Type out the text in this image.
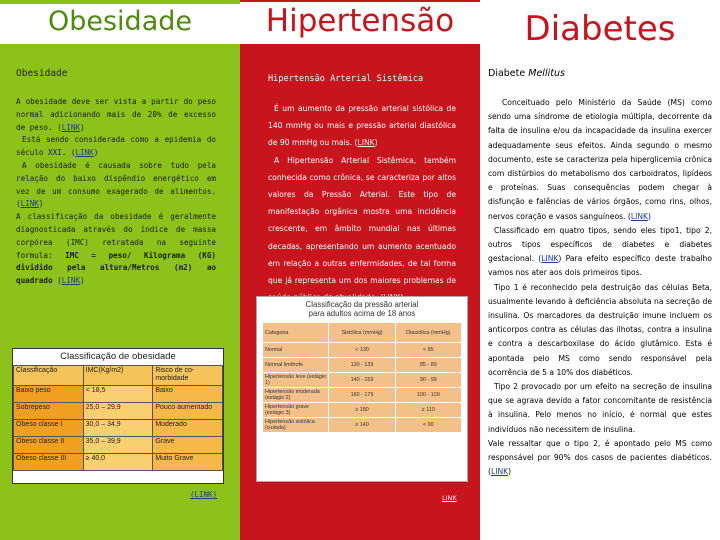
Obesidade	Hipertensão	Diabetes
Obesidade

A obesidade deve ser vista a partir do peso normal adicionando mais de 20% de excesso de peso. (LINK)

Está sendo considerada como a epidemia do século XXI. (LINK)

A obesidade é causada sobre tudo pela relação do baixo dispêndio energético em vez de um consumo exagerado de alimentos. (LINK)

A classificação da obesidade é geralmente diagnosticada através do índice de massa corpórea (IMC) retratada na seguinte formula: IMC = peso/ Kilograma (KG) dividido pela altura/Metros (m2) ao quadrado (LINK)

Classificação de obesidade
Classificação	IMC(Kg/m2)	Risco de co-morbidade
Baixo peso	< 18,5	Baixo
Sobrepeso	25,0 – 29,9	Pouco aumentado
Obeso classe I	30,0 – 34,9	Moderado
Obeso classe II	35,0 – 39,9	Grave
Obeso classe III	≥ 40,0	Muito Grave
(LINK)
Hipertensão Arterial Sistêmica

É um aumento da pressão arterial sistólica de 140 mmHg ou mais e pressão arterial diastólica de 90 mmHg ou mais. (LINK)

A Hipertensão Arterial Sistêmica, também conhecida como crônica, se caracteriza por altos valores da Pressão Arterial. Este tipo de manifestação orgânica mostra uma incidência crescente, em âmbito mundial nas últimas decadas, apresentando um aumento acentuado em relação a outras enfermidades, de tal forma que já representa um dos maiores problemas de

Classificação da pressão arterial
para adultos acima de 18 anos
Categoria	Sistólica (mmHg)	Diastólica (mmHg)
Normal	< 130	< 85
Normal limítrofe	130 - 139	85 - 89
Hipertensão leve (estágio 1)	140 - 159	90 - 99
Hipertensão moderada (estágio 2)	160 - 179	100 - 109
Hipertensão grave (estágio 3)	≥ 180	≥ 110
Hipertensão sistólica (isolada)	≥ 140	< 90
LINK
Diabete Mellitus

Conceituado pelo Ministério da Saúde (MS) como sendo uma síndrome de etiologia múltipla, decorrente da falta de insulina e/ou da incapacidade da insulina exercer adequadamente seus efeitos. Ainda segundo o mesmo documento, este se caracteriza pela hiperglicemia crônica com distúrbios do metabolismo dos carboidratos, lipídeos e proteínas. Suas consequências podem chegar à disfunção e falências de vários órgãos, como rins, olhos, nervos coração e vasos sanguíneos. (LINK)

Classificado em quatro tipos, sendo eles tipo1, tipo 2, outros tipos específicos de diabetes e diabetes gestacional. (LINK) Para efeito específico deste trabalho vamos nos ater aos dois primeiros tipos.

Tipo 1 é reconhecido pela destruição das células Beta, usualmente levando à deficiência absoluta na secreção de insulina. Os marcadores da destruição imune incluem os anticorpos contra as células das ilhotas, contra a insulina e contra a descarboxilase do ácido glutâmico. Esta é apontada pelo MS como sendo responsável pela ocorrência de 5 a 10% dos diabéticos.

Tipo 2 provocado por um efeito na secreção de insulina que se agrava devido a fator concomitante de resistência à insulina. Pelo menos no início, é normal que estes indivíduos não necessitem de insulina.

Vale ressaltar que o tipo 2, é apontado pelo MS como responsável por 90% dos casos de pacientes diabéticos. (LINK)
